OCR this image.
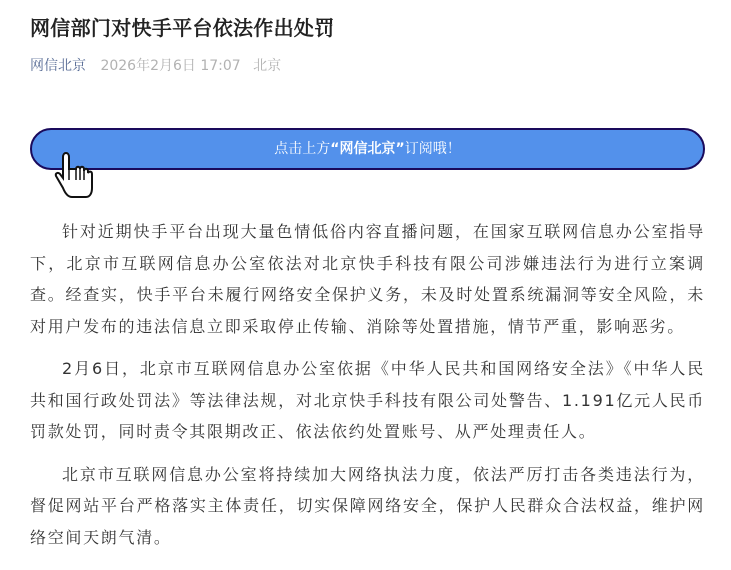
网信部门对快手平台依法作出处罚
网信北京 2026年2月6日 17:07 北京
点击上方“网信北京”订阅哦！

针对近期快手平台出现大量色情低俗内容直播问题，在国家互联网信息办公室指导下，北京市互联网信息办公室依法对北京快手科技有限公司涉嫌违法行为进行立案调查。经查实，快手平台未履行网络安全保护义务，未及时处置系统漏洞等安全风险，未对用户发布的违法信息立即采取停止传输、消除等处置措施，情节严重，影响恶劣。

2月6日，北京市互联网信息办公室依据《中华人民共和国网络安全法》《中华人民共和国行政处罚法》等法律法规，对北京快手科技有限公司处警告、1.191亿元人民币罚款处罚，同时责令其限期改正、依法依约处置账号、从严处理责任人。

北京市互联网信息办公室将持续加大网络执法力度，依法严厉打击各类违法行为，督促网站平台严格落实主体责任，切实保障网络安全，保护人民群众合法权益，维护网络空间天朗气清。
